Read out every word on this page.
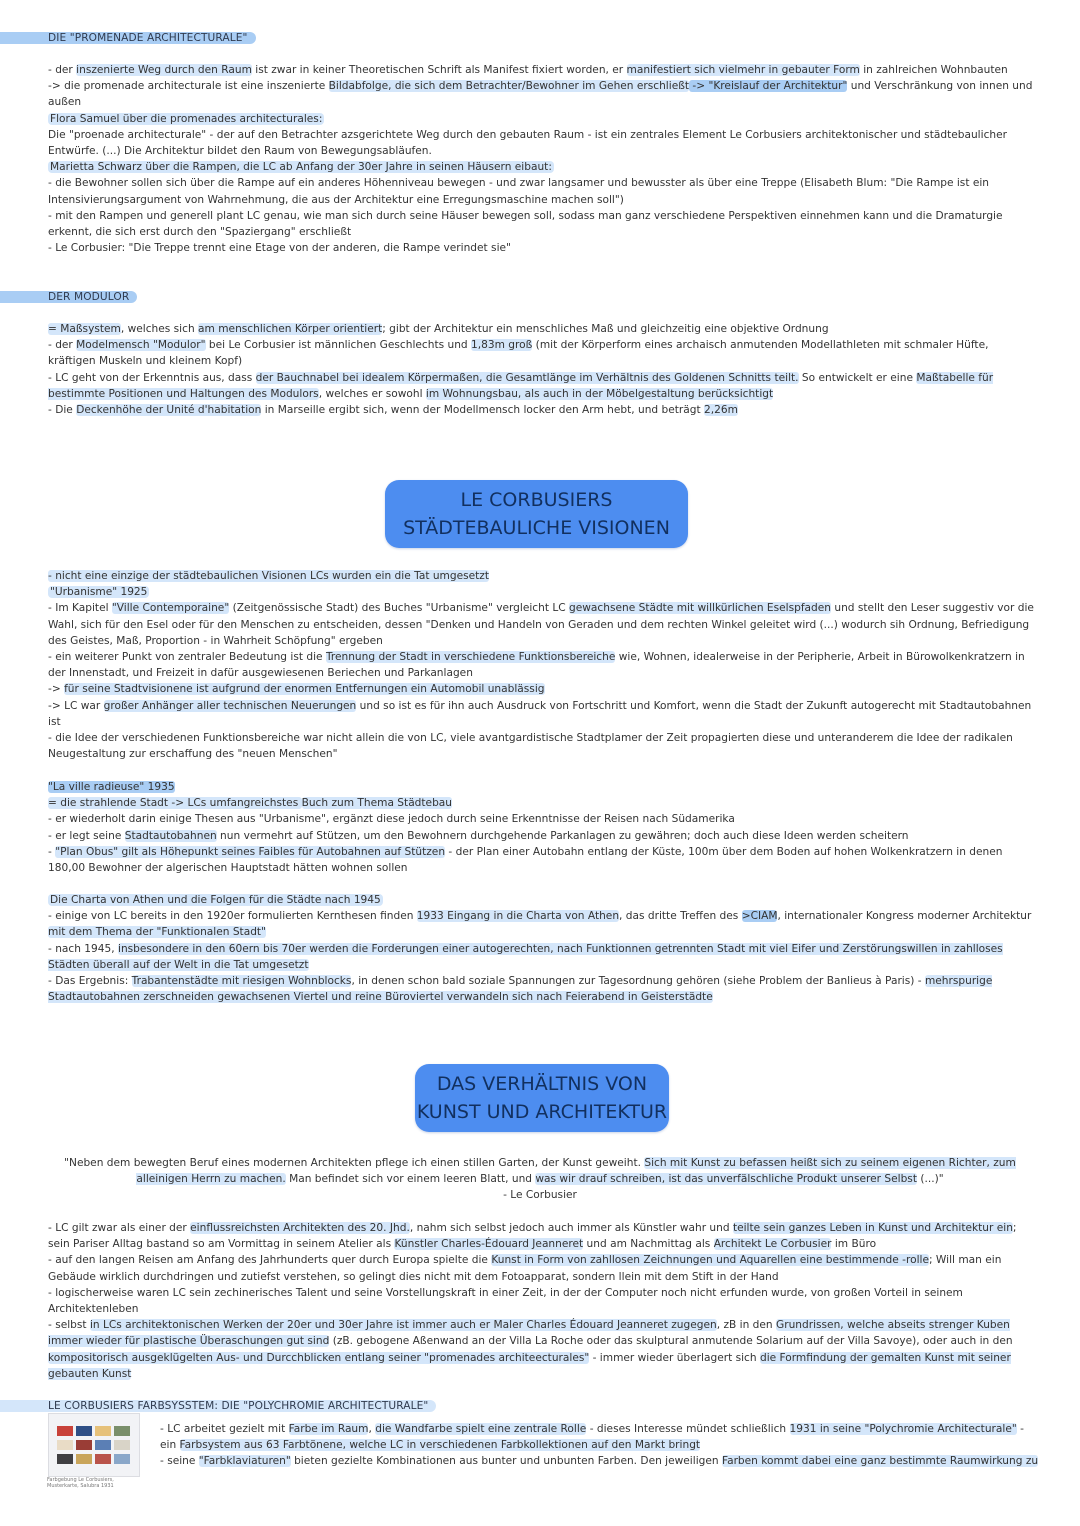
DIE "PROMENADE ARCHITECTURALE"

- der inszenierte Weg durch den Raum ist zwar in keiner Theoretischen Schrift als Manifest fixiert worden, er manifestiert sich vielmehr in gebauter Form in zahlreichen Wohnbauten

-> die promenade architecturale ist eine inszenierte Bildabfolge, die sich dem Betrachter/Bewohner im Gehen erschließt -> "Kreislauf der Architektur" und Verschränkung von innen und außen

Flora Samuel über die promenades architecturales:

Die "proenade architecturale" - der auf den Betrachter azsgerichtete Weg durch den gebauten Raum - ist ein zentrales Element Le Corbusiers architektonischer und städtebaulicher Entwürfe. (...) Die Architektur bildet den Raum von Bewegungsabläufen.

Marietta Schwarz über die Rampen, die LC ab Anfang der 30er Jahre in seinen Häusern eibaut:

- die Bewohner sollen sich über die Rampe auf ein anderes Höhenniveau bewegen - und zwar langsamer und bewusster als über eine Treppe (Elisabeth Blum: "Die Rampe ist ein Intensivierungsargument von Wahrnehmung, die aus der Architektur eine Erregungsmaschine machen soll")

- mit den Rampen und generell plant LC genau, wie man sich durch seine Häuser bewegen soll, sodass man ganz verschiedene Perspektiven einnehmen kann und die Dramaturgie erkennt, die sich erst durch den "Spaziergang" erschließt

- Le Corbusier: "Die Treppe trennt eine Etage von der anderen, die Rampe verindet sie"

DER MODULOR

= Maßsystem, welches sich am menschlichen Körper orientiert; gibt der Architektur ein menschliches Maß und gleichzeitig eine objektive Ordnung

- der Modelmensch "Modulor" bei Le Corbusier ist männlichen Geschlechts und 1,83m groß (mit der Körperform eines archaisch anmutenden Modellathleten mit schmaler Hüfte, kräftigen Muskeln und kleinem Kopf)

- LC geht von der Erkenntnis aus, dass der Bauchnabel bei idealem Körpermaßen, die Gesamtlänge im Verhältnis des Goldenen Schnitts teilt. So entwickelt er eine Maßtabelle für bestimmte Positionen und Haltungen des Modulors, welches er sowohl im Wohnungsbau, als auch in der Möbelgestaltung berücksichtigt

- Die Deckenhöhe der Unité d'habitation in Marseille ergibt sich, wenn der Modellmensch locker den Arm hebt, und beträgt 2,26m

LE CORBUSIERS
STÄDTEBAULICHE VISIONEN

- nicht eine einzige der städtebaulichen Visionen LCs wurden ein die Tat umgesetzt

"Urbanisme" 1925

- Im Kapitel "Ville Contemporaine" (Zeitgenössische Stadt) des Buches "Urbanisme" vergleicht LC gewachsene Städte mit willkürlichen Eselspfaden und stellt den Leser suggestiv vor die Wahl, sich für den Esel oder für den Menschen zu entscheiden, dessen "Denken und Handeln von Geraden und dem rechten Winkel geleitet wird (...) wodurch sih Ordnung, Befriedigung des Geistes, Maß, Proportion - in Wahrheit Schöpfung" ergeben

- ein weiterer Punkt von zentraler Bedeutung ist die Trennung der Stadt in verschiedene Funktionsbereiche wie, Wohnen, idealerweise in der Peripherie, Arbeit in Bürowolkenkratzern in der Innenstadt, und Freizeit in dafür ausgewiesenen Beriechen und Parkanlagen

-> für seine Stadtvisionene ist aufgrund der enormen Entfernungen ein Automobil unablässig

-> LC war großer Anhänger aller technischen Neuerungen und so ist es für ihn auch Ausdruck von Fortschritt und Komfort, wenn die Stadt der Zukunft autogerecht mit Stadtautobahnen ist

- die Idee der verschiedenen Funktionsbereiche war nicht allein die von LC, viele avantgardistische Stadtplamer der Zeit propagierten diese und unteranderem die Idee der radikalen Neugestaltung zur erschaffung des "neuen Menschen"

"La ville radieuse" 1935

= die strahlende Stadt -> LCs umfangreichstes Buch zum Thema Städtebau

- er wiederholt darin einige Thesen aus "Urbanisme", ergänzt diese jedoch durch seine Erkenntnisse der Reisen nach Südamerika

- er legt seine Stadtautobahnen nun vermehrt auf Stützen, um den Bewohnern durchgehende Parkanlagen zu gewähren; doch auch diese Ideen werden scheitern

- "Plan Obus" gilt als Höhepunkt seines Faibles für Autobahnen auf Stützen - der Plan einer Autobahn entlang der Küste, 100m über dem Boden auf hohen Wolkenkratzern in denen 180,00 Bewohner der algerischen Hauptstadt hätten wohnen sollen

Die Charta von Athen und die Folgen für die Städte nach 1945

- einige von LC bereits in den 1920er formulierten Kernthesen finden 1933 Eingang in die Charta von Athen, das dritte Treffen des >CIAM, internationaler Kongress moderner Architektur mit dem Thema der "Funktionalen Stadt"

- nach 1945, insbesondere in den 60ern bis 70er werden die Forderungen einer autogerechten, nach Funktionnen getrennten Stadt mit viel Eifer und Zerstörungswillen in zahlloses Städten überall auf der Welt in die Tat umgesetzt

- Das Ergebnis: Trabantenstädte mit riesigen Wohnblocks, in denen schon bald soziale Spannungen zur Tagesordnung gehören (siehe Problem der Banlieus à Paris) - mehrspurige Stadtautobahnen zerschneiden gewachsenen Viertel und reine Büroviertel verwandeln sich nach Feierabend in Geisterstädte

DAS VERHÄLTNIS VON
KUNST UND ARCHITEKTUR

"Neben dem bewegten Beruf eines modernen Architekten pflege ich einen stillen Garten, der Kunst geweiht. Sich mit Kunst zu befassen heißt sich zu seinem eigenen Richter, zum alleinigen Herrn zu machen. Man befindet sich vor einem leeren Blatt, und was wir drauf schreiben, ist das unverfälschliche Produkt unserer Selbst (...)"

- Le Corbusier

- LC gilt zwar als einer der einflussreichsten Architekten des 20. Jhd., nahm sich selbst jedoch auch immer als Künstler wahr und teilte sein ganzes Leben in Kunst und Architektur ein; sein Pariser Alltag bastand so am Vormittag in seinem Atelier als Künstler Charles-Édouard Jeanneret und am Nachmittag als Architekt Le Corbusier im Büro

- auf den langen Reisen am Anfang des Jahrhunderts quer durch Europa spielte die Kunst in Form von zahllosen Zeichnungen und Aquarellen eine bestimmende -rolle; Will man ein Gebäude wirklich durchdringen und zutiefst verstehen, so gelingt dies nicht mit dem Fotoapparat, sondern llein mit dem Stift in der Hand

- logischerweise waren LC sein zechinerisches Talent und seine Vorstellungskraft in einer Zeit, in der der Computer noch nicht erfunden wurde, von großen Vorteil in seinem Architektenleben

- selbst in LCs architektonischen Werken der 20er und 30er Jahre ist immer auch er Maler Charles Édouard Jeanneret zugegen, zB in den Grundrissen, welche abseits strenger Kuben immer wieder für plastische Überaschungen gut sind (zB. gebogene Aßenwand an der Villa La Roche oder das skulptural anmutende Solarium auf der Villa Savoye), oder auch in den kompositorisch ausgeklügelten Aus- und Durcchblicken entlang seiner "promenades architeecturales" - immer wieder überlagert sich die Formfindung der gemalten Kunst mit seiner gebauten Kunst

LE CORBUSIERS FARBSYSSTEM: DIE "POLYCHROMIE ARCHITECTURALE"
Farbgebung Le Corbusiers, Musterkarte, Salubra 1931

- LC arbeitet gezielt mit Farbe im Raum, die Wandfarbe spielt eine zentrale Rolle - dieses Interesse mündet schließlich 1931 in seine "Polychromie Architecturale" - ein Farbsystem aus 63 Farbtönene, welche LC in verschiedenen Farbkollektionen auf den Markt bringt

- seine "Farbklaviaturen" bieten gezielte Kombinationen aus bunter und unbunten Farben. Den jeweiligen Farben kommt dabei eine ganz bestimmte Raumwirkung zu
